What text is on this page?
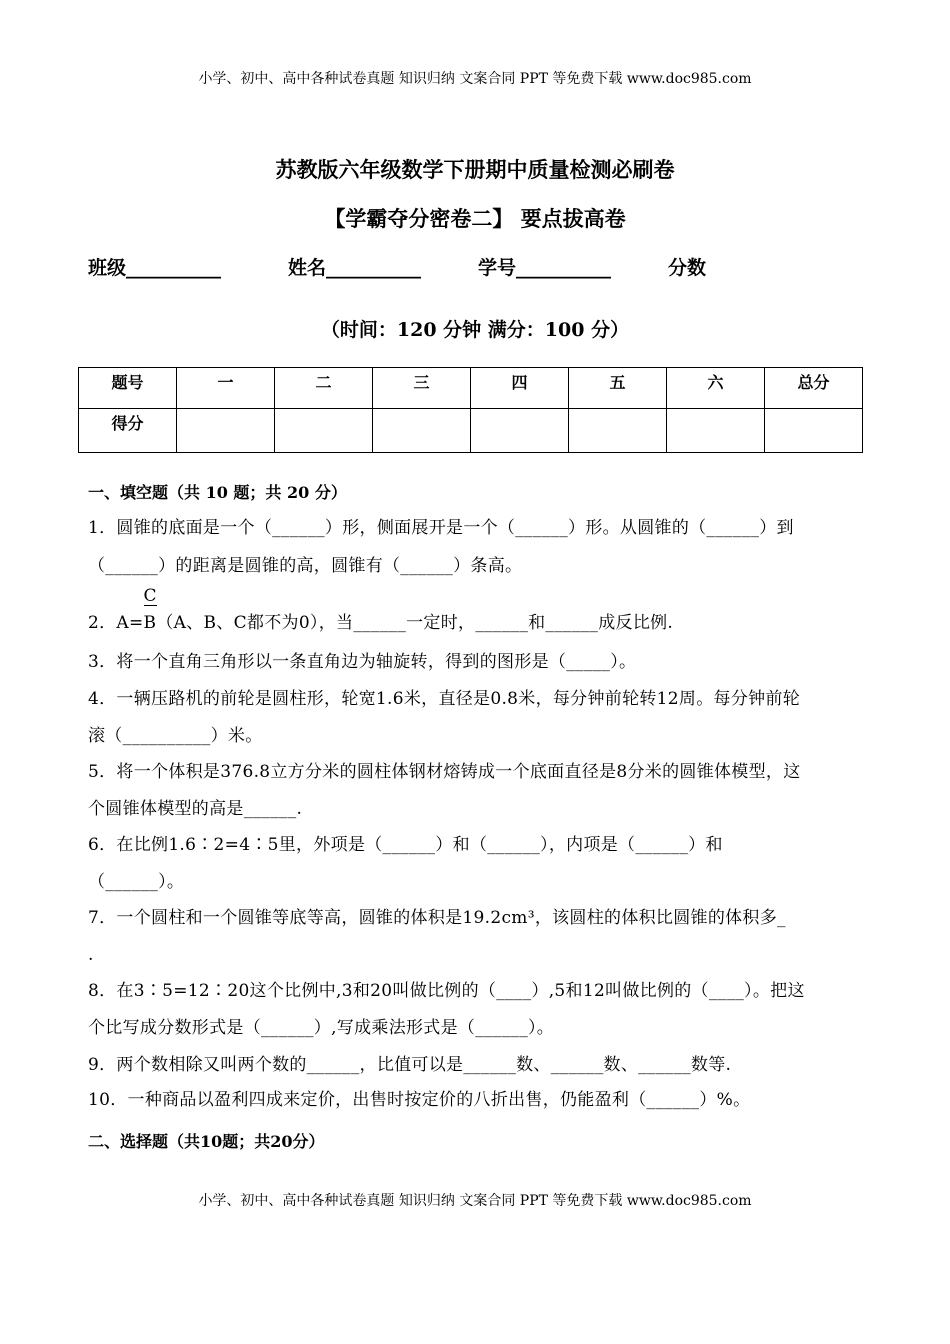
小学、初中、高中各种试卷真题 知识归纳 文案合同 PPT 等免费下载 www.doc985.com
苏教版六年级数学下册期中质量检测必刷卷
【学霸夺分密卷二】 要点拔高卷
班级__________	姓名__________	学号__________	分数
（时间：120 分钟 满分：100 分）
题号	一	二	三	四	五	六	总分
得分							
一、填空题（共 10 题；共 20 分）
1．圆锥的底面是一个（______）形，侧面展开是一个（______）形。从圆锥的（______）到
（______）的距离是圆锥的高，圆锥有（______）条高。
2．$A= \frac{C}{B}(A$、B、C都不为0），当______一定时，______和______成反比例.
3．将一个直角三角形以一条直角边为轴旋转，得到的图形是（_____）。
4．一辆压路机的前轮是圆柱形，轮宽1.6米，直径是0.8米，每分钟前轮转12周。每分钟前轮
滚（__________）米。
5．将一个体积是376.8立方分米的圆柱体钢材熔铸成一个底面直径是8分米的圆锥体模型，这
个圆锥体模型的高是______.
6．在比例1.6∶2=4∶5里，外项是（______）和（______），内项是（______）和
（______）。
7．一个圆柱和一个圆锥等底等高，圆锥的体积是19.2cm³，该圆柱的体积比圆锥的体积多_
.
8．在3∶5=12∶20这个比例中,3和20叫做比例的（____）,5和12叫做比例的（____）。把这
个比写成分数形式是（______）,写成乘法形式是（______）。
9．两个数相除又叫两个数的______，比值可以是______数、______数、______数等.
10．一种商品以盈利四成来定价，出售时按定价的八折出售，仍能盈利（______）%。
二、选择题（共10题；共20分）
小学、初中、高中各种试卷真题 知识归纳 文案合同 PPT 等免费下载 www.doc985.com
